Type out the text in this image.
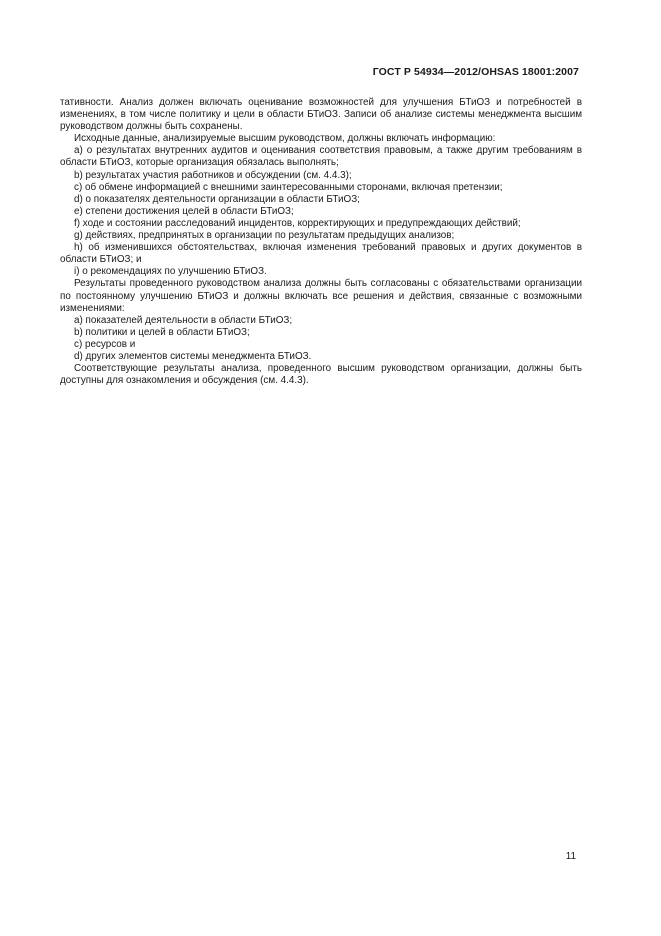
ГОСТ Р 54934—2012/OHSAS 18001:2007

тативности. Анализ должен включать оценивание возможностей для улучшения БТиОЗ и потребностей в изменениях, в том числе политику и цели в области БТиОЗ. Записи об анализе системы менеджмента высшим руководством должны быть сохранены.

Исходные данные, анализируемые высшим руководством, должны включать информацию:

a) о результатах внутренних аудитов и оценивания соответствия правовым, а также другим требованиям в области БТиОЗ, которые организация обязалась выполнять;

b) результатах участия работников и обсуждении (см. 4.4.3);

c) об обмене информацией с внешними заинтересованными сторонами, включая претензии;

d) о показателях деятельности организации в области БТиОЗ;

e) степени достижения целей в области БТиОЗ;

f) ходе и состоянии расследований инцидентов, корректирующих и предупреждающих действий;

g) действиях, предпринятых в организации по результатам предыдущих анализов;

h) об изменившихся обстоятельствах, включая изменения требований правовых и других документов в области БТиОЗ; и

i) о рекомендациях по улучшению БТиОЗ.

Результаты проведенного руководством анализа должны быть согласованы с обязательствами организации по постоянному улучшению БТиОЗ и должны включать все решения и действия, связанные с возможными изменениями:

a) показателей деятельности в области БТиОЗ;

b) политики и целей в области БТиОЗ;

c) ресурсов и

d) других элементов системы менеджмента БТиОЗ.

Соответствующие результаты анализа, проведенного высшим руководством организации, должны быть доступны для ознакомления и обсуждения (см. 4.4.3).

11
